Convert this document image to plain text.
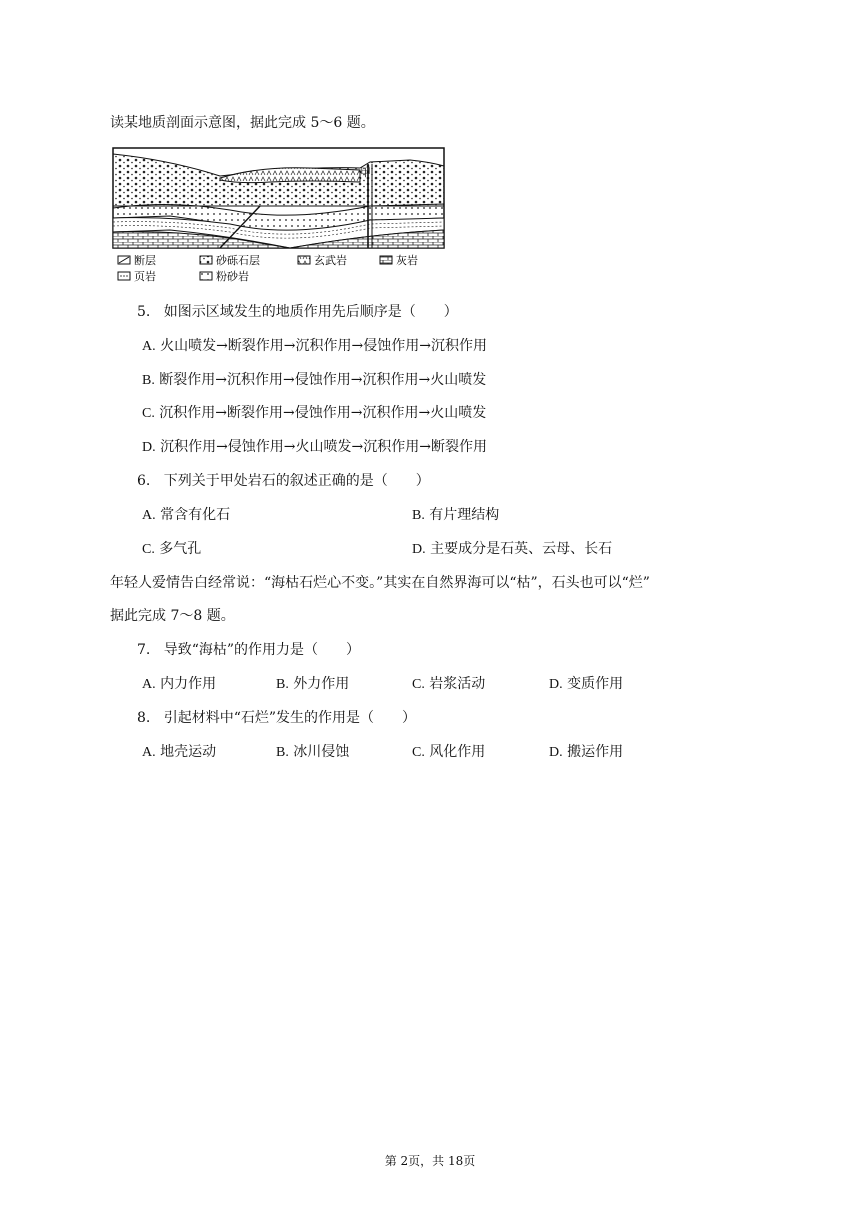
读某地质剖面示意图，据此完成 5～6 题。
甲
断层	砂砾石层	玄武岩	灰岩
页岩	粉砂岩
5. 如图示区域发生的地质作用先后顺序是（　　）
A. 火山喷发→断裂作用→沉积作用→侵蚀作用→沉积作用
B. 断裂作用→沉积作用→侵蚀作用→沉积作用→火山喷发
C. 沉积作用→断裂作用→侵蚀作用→沉积作用→火山喷发
D. 沉积作用→侵蚀作用→火山喷发→沉积作用→断裂作用
6. 下列关于甲处岩石的叙述正确的是（　　）
A. 常含有化石	B. 有片理结构
C. 多气孔	D. 主要成分是石英、云母、长石
年轻人爱情告白经常说：“海枯石烂心不变。”其实在自然界海可以“枯”，石头也可以“烂”
据此完成 7～8 题。
7. 导致“海枯”的作用力是（　　）
A. 内力作用	B. 外力作用	C. 岩浆活动	D. 变质作用
8. 引起材料中“石烂”发生的作用是（　　）
A. 地壳运动	B. 冰川侵蚀	C. 风化作用	D. 搬运作用
第 2页，共 18页
